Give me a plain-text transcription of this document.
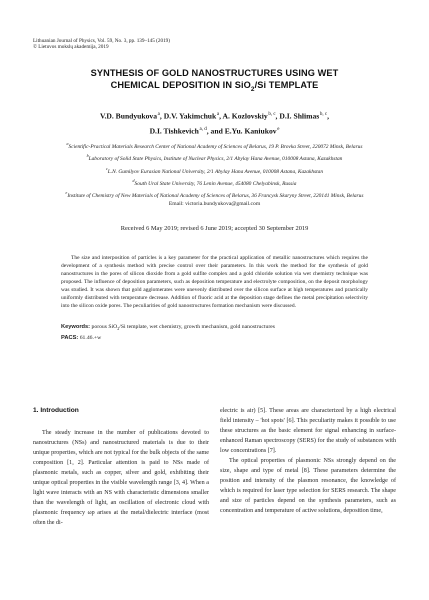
Lithuanian Journal of Physics, Vol. 59, No. 3, pp. 139–145 (2019)
© Lietuvos mokslų akademija, 2019
SYNTHESIS OF GOLD NANOSTRUCTURES USING WET
CHEMICAL DEPOSITION IN SiO$_2$/Si TEMPLATE
V.D. Bundyukova $^a$, D.V. Yakimchuk $^a$, A. Kozlovskiy $^{b, c}$, D.I. Shlimas $^{b, c}$,
D.I. Tishkevich $^{a, d}$, and E.Yu. Kaniukov $^e$
$^a$Scientific-Practical Materials Research Center of National Academy of Sciences of Belarus, 19 P. Brovka Street, 220072 Minsk, Belarus
$^b$Laboratory of Solid State Physics, Institute of Nuclear Physics, 2/1 Abylay Hana Avenue, 010008 Astana, Kazakhstan
$^c$L.N. Gumilyov Eurasian National University, 2/1 Abylay Hana Avenue, 010008 Astana, Kazakhstan
$^d$South Ural State University, 76 Lenin Avenue, 454080 Chelyabinsk, Russia
$^e$Institute of Chemistry of New Materials of National Academy of Sciences of Belarus, 36 Francysk Skaryny Street, 220141 Minsk, Belarus
Email: victoria.bundyukova@gmail.com
Received 6 May 2019; revised 6 June 2019; accepted 30 September 2019
The size and interposition of particles is a key parameter for the practical application of metallic nanostructures which requires the development of a synthesis method with precise control over their parameters. In this work the method for the synthesis of gold nanostructures in the pores of silicon dioxide from a gold sulfite complex and a gold chloride solution via wet chemistry technique was proposed. The influence of deposition parameters, such as deposition temperature and electrolyte composition, on the deposit morphology was studied. It was shown that gold agglomerates were unevenly distributed over the silicon surface at high temperatures and practically uniformly distributed with temperature decrease. Addition of fluoric acid at the deposition stage defines the metal precipitation selectivity into the silicon oxide pores. The peculiarities of gold nanostructures formation mechanism were discussed.
Keywords: porous SiO$_2$/Si template, wet chemistry, growth mechanism, gold nanostructures
PACS: 61.46.+w
1. Introduction

The steady increase in the number of publications devoted to nanostructures (NSs) and nanostructured materials is due to their unique properties, which are not typical for the bulk objects of the same composition [1, 2]. Particular attention is paid to NSs made of plasmonic metals, such as copper, silver and gold, exhibiting their unique optical properties in the visible wavelength range [3, 4]. When a light wave interacts with an NS with characteristic dimensions smaller than the wavelength of light, an oscillation of electronic cloud with plasmonic frequency ωp arises at the metal/dielectric interface (most often the di-

electric is air) [5]. These areas are characterized by a high electrical field intensity – 'hot spots' [6]. This peculiarity makes it possible to use these structures as the basic element for signal enhancing in surface-enhanced Raman spectroscopy (SERS) for the study of substances with low concentrations [7].

The optical properties of plasmonic NSs strongly depend on the size, shape and type of metal [8]. These parameters determine the position and intensity of the plasmon resonance, the knowledge of which is required for laser type selection for SERS research. The shape and size of particles depend on the synthesis parameters, such as concentration and temperature of active solutions, deposition time,
